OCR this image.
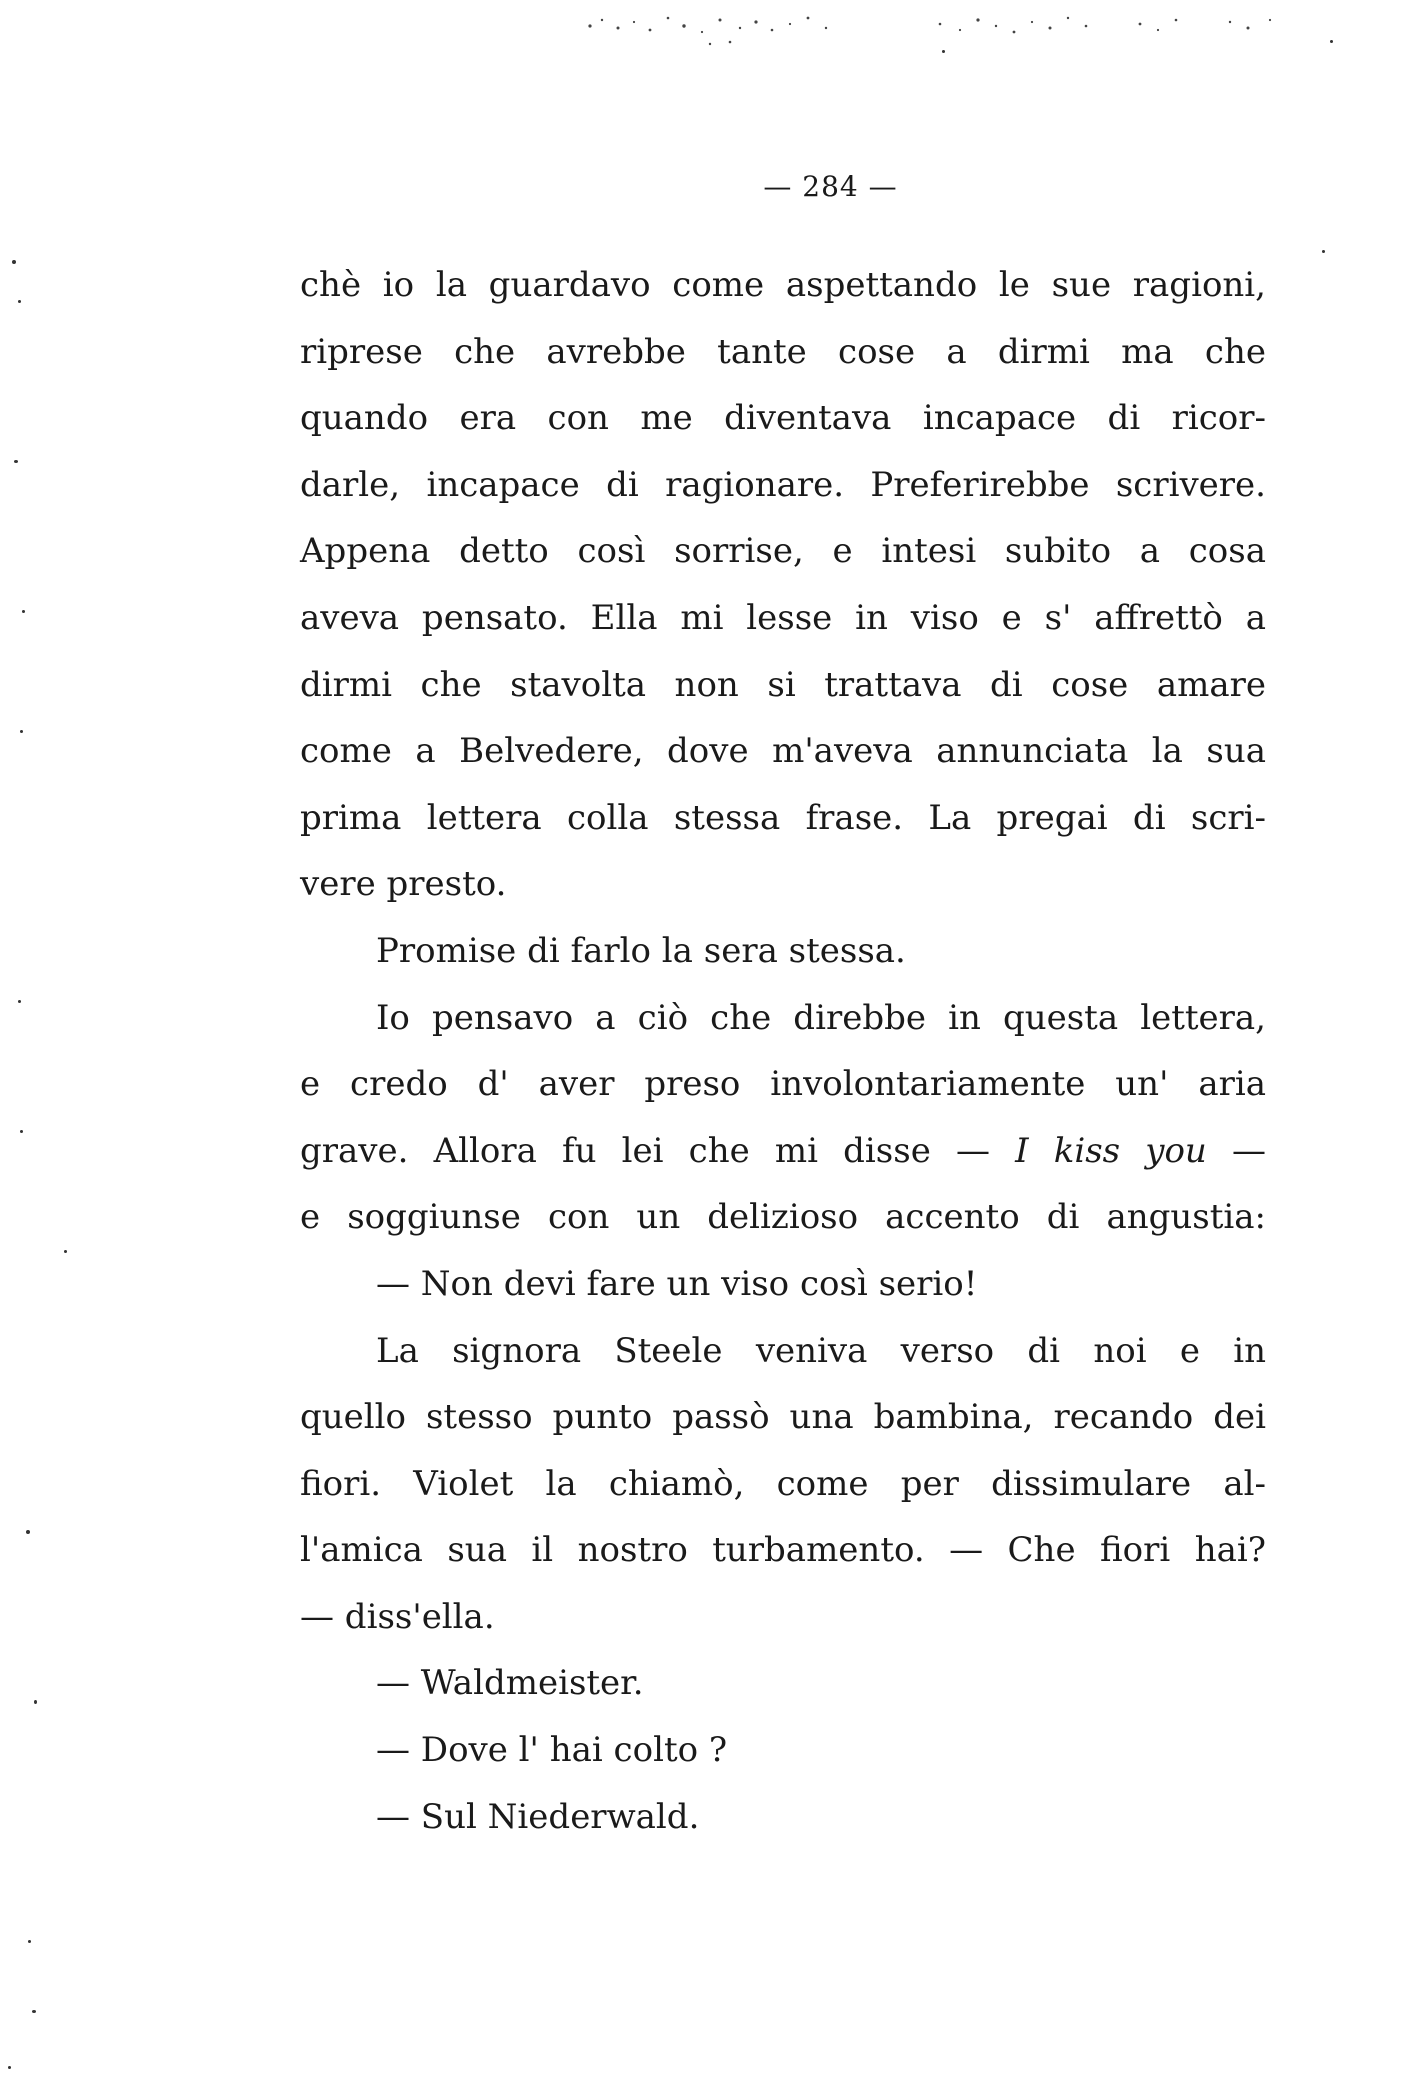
— 284 —
chè io la guardavo come aspettando le sue ragioni,
riprese che avrebbe tante cose a dirmi ma che
quando era con me diventava incapace di ricor-
darle, incapace di ragionare. Preferirebbe scrivere.
Appena detto così sorrise, e intesi subito a cosa
aveva pensato. Ella mi lesse in viso e s' affrettò a
dirmi che stavolta non si trattava di cose amare
come a Belvedere, dove m'aveva annunciata la sua
prima lettera colla stessa frase. La pregai di scri-
vere presto.
Promise di farlo la sera stessa.
Io pensavo a ciò che direbbe in questa lettera,
e credo d' aver preso involontariamente un' aria
grave. Allora fu lei che mi disse — I kiss you —
e soggiunse con un delizioso accento di angustia:
— Non devi fare un viso così serio!
La signora Steele veniva verso di noi e in
quello stesso punto passò una bambina, recando dei
fiori. Violet la chiamò, come per dissimulare al-
l'amica sua il nostro turbamento. — Che fiori hai?
— diss'ella.
— Waldmeister.
— Dove l' hai colto ?
— Sul Niederwald.
